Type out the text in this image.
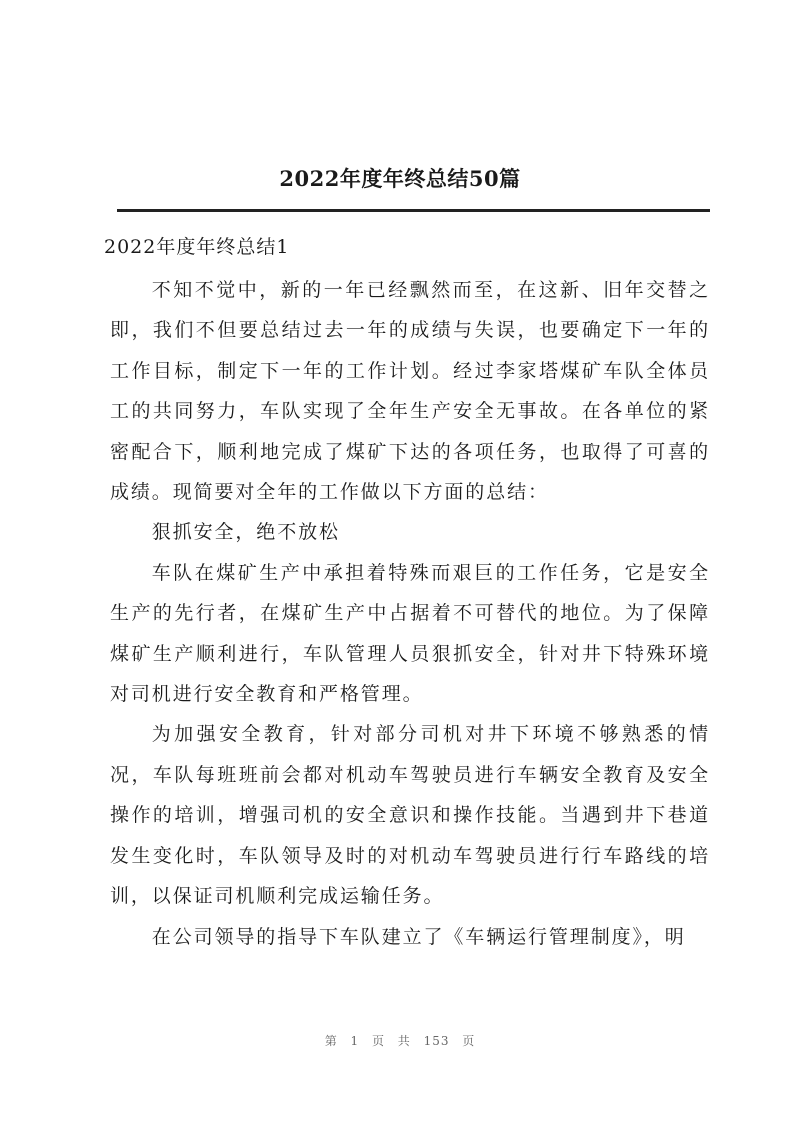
2022年度年终总结50篇
2022年度年终总结1

不知不觉中，新的一年已经飘然而至，在这新、旧年交替之即，我们不但要总结过去一年的成绩与失误，也要确定下一年的工作目标，制定下一年的工作计划。经过李家塔煤矿车队全体员工的共同努力，车队实现了全年生产安全无事故。在各单位的紧密配合下，顺利地完成了煤矿下达的各项任务，也取得了可喜的成绩。现简要对全年的工作做以下方面的总结：

狠抓安全，绝不放松

车队在煤矿生产中承担着特殊而艰巨的工作任务，它是安全生产的先行者，在煤矿生产中占据着不可替代的地位。为了保障煤矿生产顺利进行，车队管理人员狠抓安全，针对井下特殊环境对司机进行安全教育和严格管理。

为加强安全教育，针对部分司机对井下环境不够熟悉的情况，车队每班班前会都对机动车驾驶员进行车辆安全教育及安全操作的培训，增强司机的安全意识和操作技能。当遇到井下巷道发生变化时，车队领导及时的对机动车驾驶员进行行车路线的培训，以保证司机顺利完成运输任务。

在公司领导的指导下车队建立了《车辆运行管理制度》，明

第 1 页 共 153 页
